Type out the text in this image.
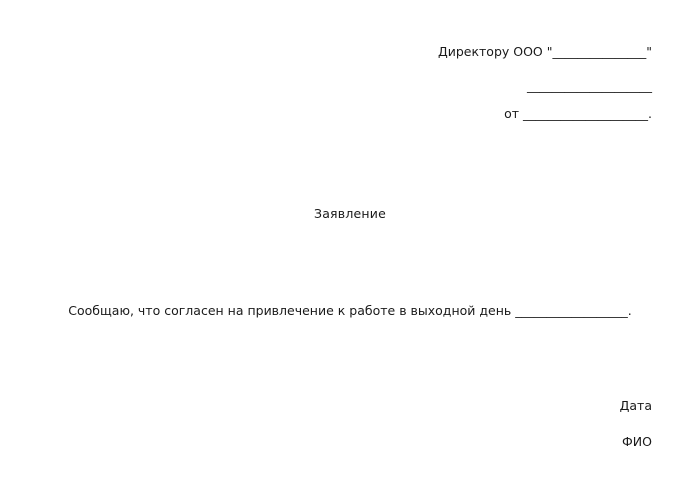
Директору ООО "_______________"
____________________
от ____________________.
Заявление
Сообщаю, что согласен на привлечение к работе в выходной день __________________.
Дата
ФИО
